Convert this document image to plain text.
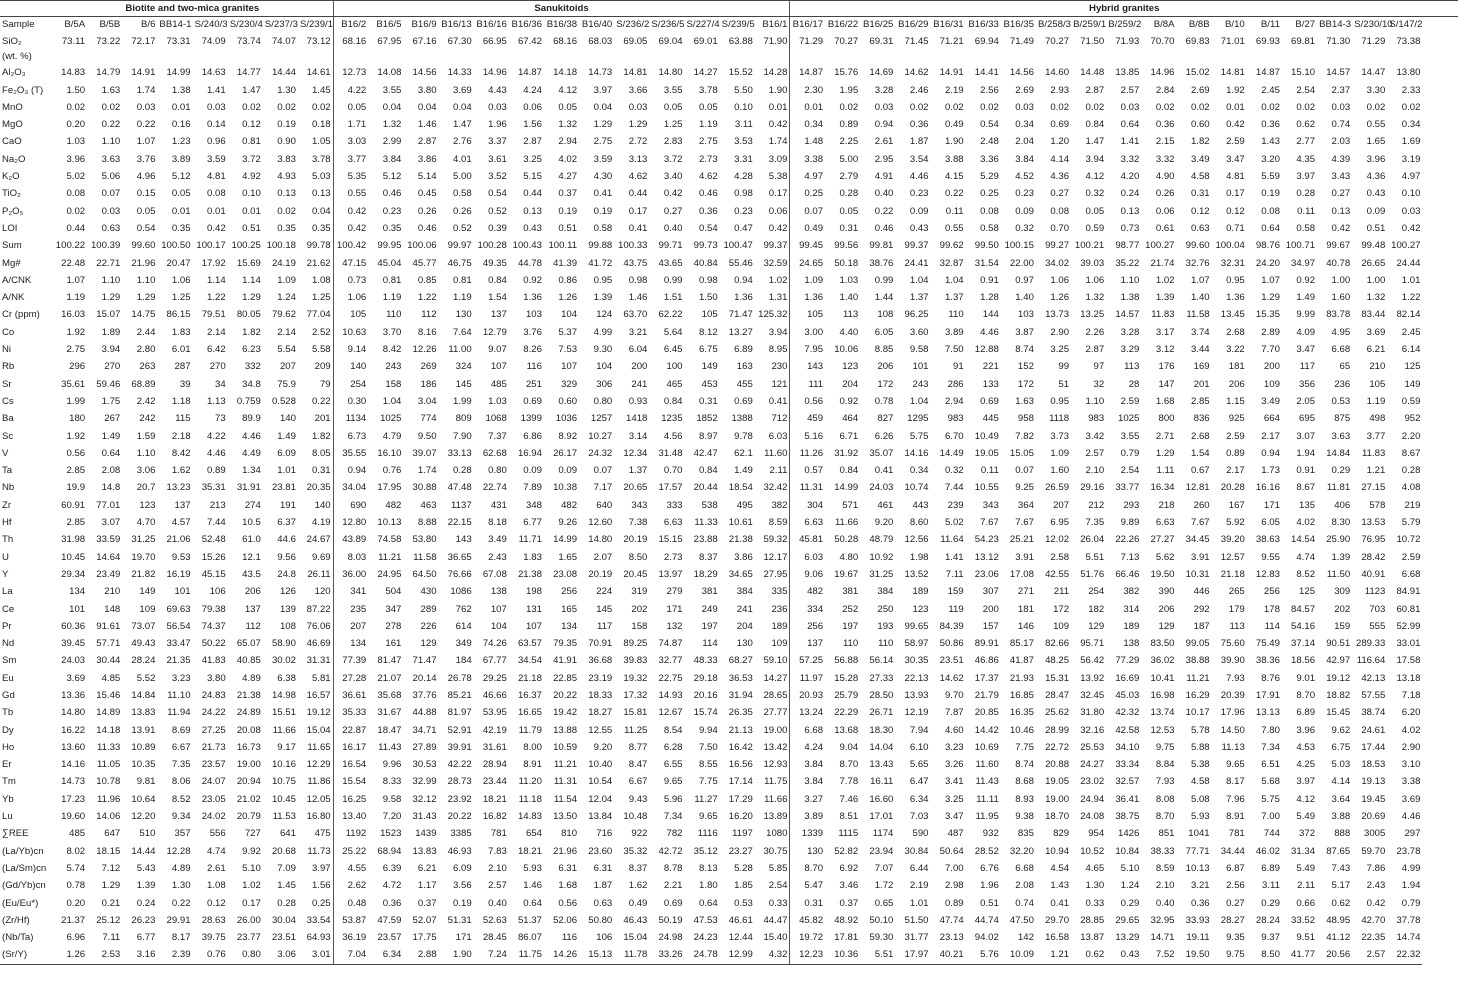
	Biotite and two-mica granites								Sanukitoids													Hybrid granites																	
Sample	B/5A	B/5B	B/6	BB14-1	S/240/3	S/230/4	S/237/3	S/239/1	B16/2	B16/5	B16/9	B16/13	B16/16	B16/36	B16/38	B16/40	S/236/2	S/236/5	S/227/4	S/239/5	B16/1	B16/17	B16/22	B16/25	B16/29	B16/31	B16/33	B16/35	B/258/3	B/259/1	B/259/2	B/8A	B/8B	B/10	B/11	B/27	BB14-3	S/230/10	S/147/2
SiO₂	73.11	73.22	72.17	73.31	74.09	73.74	74.07	73.12	68.16	67.95	67.16	67.30	66.95	67.42	68.16	68.03	69.05	69.04	69.01	63.88	71.90	71.29	70.27	69.31	71.45	71.21	69.94	71.49	70.27	71.50	71.93	70.70	69.83	71.01	69.93	69.81	71.30	71.29	73.38
(wt. %)																																							
Al₂O₃	14.83	14.79	14.91	14.99	14.63	14.77	14.44	14.61	12.73	14.08	14.56	14.33	14.96	14.87	14.18	14.73	14.81	14.80	14.27	15.52	14.28	14.87	15.76	14.69	14.62	14.91	14.41	14.56	14.60	14.48	13.85	14.96	15.02	14.81	14.87	15.10	14.57	14.47	13.80
Fe₂O₃ (T)	1.50	1.63	1.74	1.38	1.41	1.47	1.30	1.45	4.22	3.55	3.80	3.69	4.43	4.24	4.12	3.97	3.66	3.55	3.78	5.50	1.90	2.30	1.95	3.28	2.46	2.19	2.56	2.69	2.93	2.87	2.57	2.84	2.69	1.92	2.45	2.54	2.37	3.30	2.33
MnO	0.02	0.02	0.03	0.01	0.03	0.02	0.02	0.02	0.05	0.04	0.04	0.04	0.03	0.06	0.05	0.04	0.03	0.05	0.05	0.10	0.01	0.01	0.02	0.03	0.02	0.02	0.02	0.03	0.02	0.02	0.03	0.02	0.02	0.01	0.02	0.02	0.03	0.02	0.02
MgO	0.20	0.22	0.22	0.16	0.14	0.12	0.19	0.18	1.71	1.32	1.46	1.47	1.96	1.56	1.32	1.29	1.29	1.25	1.19	3.11	0.42	0.34	0.89	0.94	0.36	0.49	0.54	0.34	0.69	0.84	0.64	0.36	0.60	0.42	0.36	0.62	0.74	0.55	0.34
CaO	1.03	1.10	1.07	1.23	0.96	0.81	0.90	1.05	3.03	2.99	2.87	2.76	3.37	2.87	2.94	2.75	2.72	2.83	2.75	3.53	1.74	1.48	2.25	2.61	1.87	1.90	2.48	2.04	1.20	1.47	1.41	2.15	1.82	2.59	1.43	2.77	2.03	1.65	1.69
Na₂O	3.96	3.63	3.76	3.89	3.59	3.72	3.83	3.78	3.77	3.84	3.86	4.01	3.61	3.25	4.02	3.59	3.13	3.72	2.73	3.31	3.09	3.38	5.00	2.95	3.54	3.88	3.36	3.84	4.14	3.94	3.32	3.32	3.49	3.47	3.20	4.35	4.39	3.96	3.19
K₂O	5.02	5.06	4.96	5.12	4.81	4.92	4.93	5.03	5.35	5.12	5.14	5.00	3.52	5.15	4.27	4.30	4.62	3.40	4.62	4.28	5.38	4.97	2.79	4.91	4.46	4.15	5.29	4.52	4.36	4.12	4.20	4.90	4.58	4.81	5.59	3.97	3.43	4.36	4.97
TiO₂	0.08	0.07	0.15	0.05	0.08	0.10	0.13	0.13	0.55	0.46	0.45	0.58	0.54	0.44	0.37	0.41	0.44	0.42	0.46	0.98	0.17	0.25	0.28	0.40	0.23	0.22	0.25	0.23	0.27	0.32	0.24	0.26	0.31	0.17	0.19	0.28	0.27	0.43	0.10
P₂O₅	0.02	0.03	0.05	0.01	0.01	0.01	0.02	0.04	0.42	0.23	0.26	0.26	0.52	0.13	0.19	0.19	0.17	0.27	0.36	0.23	0.06	0.07	0.05	0.22	0.09	0.11	0.08	0.09	0.08	0.05	0.13	0.06	0.12	0.12	0.08	0.11	0.13	0.09	0.03
LOI	0.44	0.63	0.54	0.35	0.42	0.51	0.35	0.35	0.42	0.35	0.46	0.52	0.39	0.43	0.51	0.58	0.41	0.40	0.54	0.47	0.42	0.49	0.31	0.46	0.43	0.55	0.58	0.32	0.70	0.59	0.73	0.61	0.63	0.71	0.64	0.58	0.42	0.51	0.42
Sum	100.22	100.39	99.60	100.50	100.17	100.25	100.18	99.78	100.42	99.95	100.06	99.97	100.28	100.43	100.11	99.88	100.33	99.71	99.73	100.47	99.37	99.45	99.56	99.81	99.37	99.62	99.50	100.15	99.27	100.21	98.77	100.27	99.60	100.04	98.76	100.71	99.67	99.48	100.27
Mg#	22.48	22.71	21.96	20.47	17.92	15.69	24.19	21.62	47.15	45.04	45.77	46.75	49.35	44.78	41.39	41.72	43.75	43.65	40.84	55.46	32.59	24.65	50.18	38.76	24.41	32.87	31.54	22.00	34.02	39.03	35.22	21.74	32.76	32.31	24.20	34.97	40.78	26.65	24.44
A/CNK	1.07	1.10	1.10	1.06	1.14	1.14	1.09	1.08	0.73	0.81	0.85	0.81	0.84	0.92	0.86	0.95	0.98	0.99	0.98	0.94	1.02	1.09	1.03	0.99	1.04	1.04	0.91	0.97	1.06	1.06	1.10	1.02	1.07	0.95	1.07	0.92	1.00	1.00	1.01
A/NK	1.19	1.29	1.29	1.25	1.22	1.29	1.24	1.25	1.06	1.19	1.22	1.19	1.54	1.36	1.26	1.39	1.46	1.51	1.50	1.36	1.31	1.36	1.40	1.44	1.37	1.37	1.28	1.40	1.26	1.32	1.38	1.39	1.40	1.36	1.29	1.49	1.60	1.32	1.22
Cr (ppm)	16.03	15.07	14.75	86.15	79.51	80.05	79.62	77.04	105	110	112	130	137	103	104	124	63.70	62.22	105	71.47	125.32	105	113	108	96.25	110	144	103	13.73	13.25	14.57	11.83	11.58	13.45	15.35	9.99	83.78	83.44	82.14
Co	1.92	1.89	2.44	1.83	2.14	1.82	2.14	2.52	10.63	3.70	8.16	7.64	12.79	3.76	5.37	4.99	3.21	5.64	8.12	13.27	3.94	3.00	4.40	6.05	3.60	3.89	4.46	3.87	2.90	2.26	3.28	3.17	3.74	2.68	2.89	4.09	4.95	3.69	2.45
Ni	2.75	3.94	2.80	6.01	6.42	6.23	5.54	5.58	9.14	8.42	12.26	11.00	9.07	8.26	7.53	9.30	6.04	6.45	6.75	6.89	8.95	7.95	10.06	8.85	9.58	7.50	12.88	8.74	3.25	2.87	3.29	3.12	3.44	3.22	7.70	3.47	6.68	6.21	6.14
Rb	296	270	263	287	270	332	207	209	140	243	269	324	107	116	107	104	200	100	149	163	230	143	123	206	101	91	221	152	99	97	113	176	169	181	200	117	65	210	125
Sr	35.61	59.46	68.89	39	34	34.8	75.9	79	254	158	186	145	485	251	329	306	241	465	453	455	121	111	204	172	243	286	133	172	51	32	28	147	201	206	109	356	236	105	149
Cs	1.99	1.75	2.42	1.18	1.13	0.759	0.528	0.22	0.30	1.04	3.04	1.99	1.03	0.69	0.60	0.80	0.93	0.84	0.31	0.69	0.41	0.56	0.92	0.78	1.04	2.94	0.69	1.63	0.95	1.10	2.59	1.68	2.85	1.15	3.49	2.05	0.53	1.19	0.59
Ba	180	267	242	115	73	89.9	140	201	1134	1025	774	809	1068	1399	1036	1257	1418	1235	1852	1388	712	459	464	827	1295	983	445	958	1118	983	1025	800	836	925	664	695	875	498	952
Sc	1.92	1.49	1.59	2.18	4.22	4.46	1.49	1.82	6.73	4.79	9.50	7.90	7.37	6.86	8.92	10.27	3.14	4.56	8.97	9.78	6.03	5.16	6.71	6.26	5.75	6.70	10.49	7.82	3.73	3.42	3.55	2.71	2.68	2.59	2.17	3.07	3.63	3.77	2.20
V	0.56	0.64	1.10	8.42	4.46	4.49	6.09	8.05	35.55	16.10	39.07	33.13	62.68	16.94	26.17	24.32	12.34	31.48	42.47	62.1	11.60	11.26	31.92	35.07	14.16	14.49	19.05	15.05	1.09	2.57	0.79	1.29	1.54	0.89	0.94	1.94	14.84	11.83	8.67
Ta	2.85	2.08	3.06	1.62	0.89	1.34	1.01	0.31	0.94	0.76	1.74	0.28	0.80	0.09	0.09	0.07	1.37	0.70	0.84	1.49	2.11	0.57	0.84	0.41	0.34	0.32	0.11	0.07	1.60	2.10	2.54	1.11	0.67	2.17	1.73	0.91	0.29	1.21	0.28
Nb	19.9	14.8	20.7	13.23	35.31	31.91	23.81	20.35	34.04	17.95	30.88	47.48	22.74	7.89	10.38	7.17	20.65	17.57	20.44	18.54	32.42	11.31	14.99	24.03	10.74	7.44	10.55	9.25	26.59	29.16	33.77	16.34	12.81	20.28	16.16	8.67	11.81	27.15	4.08
Zr	60.91	77.01	123	137	213	274	191	140	690	482	463	1137	431	348	482	640	343	333	538	495	382	304	571	461	443	239	343	364	207	212	293	218	260	167	171	135	406	578	219
Hf	2.85	3.07	4.70	4.57	7.44	10.5	6.37	4.19	12.80	10.13	8.88	22.15	8.18	6.77	9.26	12.60	7.38	6.63	11.33	10.61	8.59	6.63	11.66	9.20	8.60	5.02	7.67	7.67	6.95	7.35	9.89	6.63	7.67	5.92	6.05	4.02	8.30	13.53	5.79
Th	31.98	33.59	31.25	21.06	52.48	61.0	44.6	24.67	43.89	74.58	53.80	143	3.49	11.71	14.99	14.80	20.19	15.15	23.88	21.38	59.32	45.81	50.28	48.79	12.56	11.64	54.23	25.21	12.02	26.04	22.26	27.27	34.45	39.20	38.63	14.54	25.90	76.95	10.72
U	10.45	14.64	19.70	9.53	15.26	12.1	9.56	9.69	8.03	11.21	11.58	36.65	2.43	1.83	1.65	2.07	8.50	2.73	8.37	3.86	12.17	6.03	4.80	10.92	1.98	1.41	13.12	3.91	2.58	5.51	7.13	5.62	3.91	12.57	9.55	4.74	1.39	28.42	2.59
Y	29.34	23.49	21.82	16.19	45.15	43.5	24.8	26.11	36.00	24.95	64.50	76.66	67.08	21.38	23.08	20.19	20.45	13.97	18.29	34.65	27.95	9.06	19.67	31.25	13.52	7.11	23.06	17.08	42.55	51.76	66.46	19.50	10.31	21.18	12.83	8.52	11.50	40.91	6.68
La	134	210	149	101	106	206	126	120	341	504	430	1086	138	198	256	224	319	279	381	384	335	482	381	384	189	159	307	271	211	254	382	390	446	265	256	125	309	1123	84.91
Ce	101	148	109	69.63	79.38	137	139	87.22	235	347	289	762	107	131	165	145	202	171	249	241	236	334	252	250	123	119	200	181	172	182	314	206	292	179	178	84.57	202	703	60.81
Pr	60.36	91.61	73.07	56.54	74.37	112	108	76.06	207	278	226	614	104	107	134	117	158	132	197	204	189	256	197	193	99.65	84.39	157	146	109	129	189	129	187	113	114	54.16	159	555	52.99
Nd	39.45	57.71	49.43	33.47	50.22	65.07	58.90	46.69	134	161	129	349	74.26	63.57	79.35	70.91	89.25	74.87	114	130	109	137	110	110	58.97	50.86	89.91	85.17	82.66	95.71	138	83.50	99.05	75.60	75.49	37.14	90.51	289.33	33.01
Sm	24.03	30.44	28.24	21.35	41.83	40.85	30.02	31.31	77.39	81.47	71.47	184	67.77	34.54	41.91	36.68	39.83	32.77	48.33	68.27	59.10	57.25	56.88	56.14	30.35	23.51	46.86	41.87	48.25	56.42	77.29	36.02	38.88	39.90	38.36	18.56	42.97	116.64	17.58
Eu	3.69	4.85	5.52	3.23	3.80	4.89	6.38	5.81	27.28	21.07	20.14	26.78	29.25	21.18	22.85	23.19	19.32	22.75	29.18	36.53	14.27	11.97	15.28	27.33	22.13	14.62	17.37	21.93	15.31	13.92	16.69	10.41	11.21	7.93	8.76	9.01	19.12	42.13	13.18
Gd	13.36	15.46	14.84	11.10	24.83	21.38	14.98	16.57	36.61	35.68	37.76	85.21	46.66	16.37	20.22	18.33	17.32	14.93	20.16	31.94	28.65	20.93	25.79	28.50	13.93	9.70	21.79	16.85	28.47	32.45	45.03	16.98	16.29	20.39	17.91	8.70	18.82	57.55	7.18
Tb	14.80	14.89	13.83	11.94	24.22	24.89	15.51	19.12	35.33	31.67	44.88	81.97	53.95	16.65	19.42	18.27	15.81	12.67	15.74	26.35	27.77	13.24	22.29	26.71	12.19	7.87	20.85	16.35	25.62	31.80	42.32	13.74	10.17	17.96	13.13	6.89	15.45	38.74	6.20
Dy	16.22	14.18	13.91	8.69	27.25	20.08	11.66	15.04	22.87	18.47	34.71	52.91	42.19	11.79	13.88	12.55	11.25	8.54	9.94	21.13	19.00	6.68	13.68	18.30	7.94	4.60	14.42	10.46	28.99	32.16	42.58	12.53	5.78	14.50	7.80	3.96	9.62	24.61	4.02
Ho	13.60	11.33	10.89	6.67	21.73	16.73	9.17	11.65	16.17	11.43	27.89	39.91	31.61	8.00	10.59	9.20	8.77	6.28	7.50	16.42	13.42	4.24	9.04	14.04	6.10	3.23	10.69	7.75	22.72	25.53	34.10	9.75	5.88	11.13	7.34	4.53	6.75	17.44	2.90
Er	14.16	11.05	10.35	7.35	23.57	19.00	10.16	12.29	16.54	9.96	30.53	42.22	28.94	8.91	11.21	10.40	8.47	6.55	8.55	16.56	12.93	3.84	8.70	13.43	5.65	3.26	11.60	8.74	20.88	24.27	33.34	8.84	5.38	9.65	6.51	4.25	5.03	18.53	3.10
Tm	14.73	10.78	9.81	8.06	24.07	20.94	10.75	11.86	15.54	8.33	32.99	28.73	23.44	11.20	11.31	10.54	6.67	9.65	7.75	17.14	11.75	3.84	7.78	16.11	6.47	3.41	11.43	8.68	19.05	23.02	32.57	7.93	4.58	8.17	5.68	3.97	4.14	19.13	3.38
Yb	17.23	11.96	10.64	8.52	23.05	21.02	10.45	12.05	16.25	9.58	32.12	23.92	18.21	11.18	11.54	12.04	9.43	5.96	11.27	17.29	11.66	3.27	7.46	16.60	6.34	3.25	11.11	8.93	19.00	24.94	36.41	8.08	5.08	7.96	5.75	4.12	3.64	19.45	3.69
Lu	19.60	14.06	12.20	9.34	24.02	20.79	11.53	16.80	13.40	7.20	31.43	20.22	16.82	14.83	13.50	13.84	10.48	7.34	9.65	16.20	13.89	3.89	8.51	17.01	7.03	3.47	11.95	9.38	18.70	24.08	38.75	8.70	5.93	8.91	7.00	5.49	3.88	20.69	4.46
∑REE	485	647	510	357	556	727	641	475	1192	1523	1439	3385	781	654	810	716	922	782	1116	1197	1080	1339	1115	1174	590	487	932	835	829	954	1426	851	1041	781	744	372	888	3005	297
(La/Yb)cn	8.02	18.15	14.44	12.28	4.74	9.92	20.68	11.73	25.22	68.94	13.83	46.93	7.83	18.21	21.96	23.60	35.32	42.72	35.12	23.27	30.75	130	52.82	23.94	30.84	50.64	28.52	32.20	10.94	10.52	10.84	38.33	77.71	34.44	46.02	31.34	87.65	59.70	23.78
(La/Sm)cn	5.74	7.12	5.43	4.89	2.61	5.10	7.09	3.97	4.55	6.39	6.21	6.09	2.10	5.93	6.31	6.31	8.37	8.78	8.13	5.28	5.85	8.70	6.92	7.07	6.44	7.00	6.76	6.68	4.54	4.65	5.10	8.59	10.13	6.87	6.89	5.49	7.43	7.86	4.99
(Gd/Yb)cn	0.78	1.29	1.39	1.30	1.08	1.02	1.45	1.56	2.62	4.72	1.17	3.56	2.57	1.46	1.68	1.87	1.62	2.21	1.80	1.85	2.54	5.47	3.46	1.72	2.19	2.98	1.96	2.08	1.43	1.30	1.24	2.10	3.21	2.56	3.11	2.11	5.17	2.43	1.94
(Eu/Eu*)	0.20	0.21	0.24	0.22	0.12	0.17	0.28	0.25	0.48	0.36	0.37	0.19	0.40	0.64	0.56	0.63	0.49	0.69	0.64	0.53	0.33	0.31	0.37	0.65	1.01	0.89	0.51	0.74	0.41	0.33	0.29	0.40	0.36	0.27	0.29	0.66	0.62	0.42	0.79
(Zr/Hf)	21.37	25.12	26.23	29.91	28.63	26.00	30.04	33.54	53.87	47.59	52.07	51.31	52.63	51.37	52.06	50.80	46.43	50.19	47.53	46.61	44.47	45.82	48.92	50.10	51.50	47.74	44.74	47.50	29.70	28.85	29.65	32.95	33.93	28.27	28.24	33.52	48.95	42.70	37.78
(Nb/Ta)	6.96	7.11	6.77	8.17	39.75	23.77	23.51	64.93	36.19	23.57	17.75	171	28.45	86.07	116	106	15.04	24.98	24.23	12.44	15.40	19.72	17.81	59.30	31.77	23.13	94.02	142	16.58	13.87	13.29	14.71	19.11	9.35	9.37	9.51	41.12	22.35	14.74
(Sr/Y)	1.26	2.53	3.16	2.39	0.76	0.80	3.06	3.01	7.04	6.34	2.88	1.90	7.24	11.75	14.26	15.13	11.78	33.26	24.78	12.99	4.32	12.23	10.36	5.51	17.97	40.21	5.76	10.09	1.21	0.62	0.43	7.52	19.50	9.75	8.50	41.77	20.56	2.57	22.32
